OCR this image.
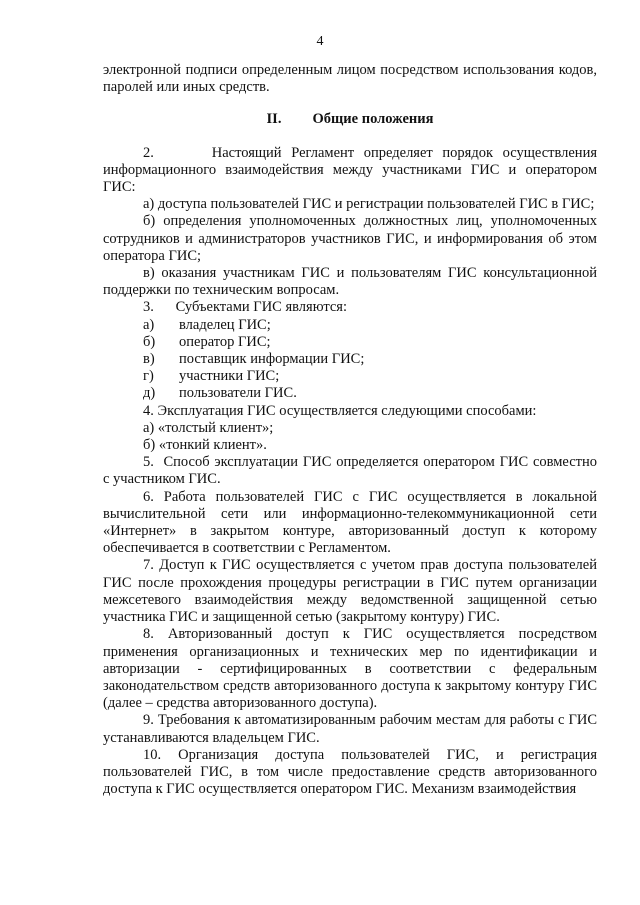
4

электронной подписи определенным лицом посредством использования кодов, паролей или иных средств.

II. Общие положения

2.      Настоящий Регламент определяет порядок осуществления информационного взаимодействия между участниками ГИС и оператором ГИС:

а) доступа пользователей ГИС и регистрации пользователей ГИС в ГИС;

б) определения уполномоченных должностных лиц, уполномоченных сотрудников и администраторов участников ГИС, и информирования об этом оператора ГИС;

в) оказания участникам ГИС и пользователям ГИС консультационной поддержки по техническим вопросам.

3.      Субъектами ГИС являются:

а) владелец ГИС;
б) оператор ГИС;
в) поставщик информации ГИС;
г) участники ГИС;
д) пользователи ГИС.

4. Эксплуатация ГИС осуществляется следующими способами:

а) «толстый клиент»;

б) «тонкий клиент».

5.  Способ эксплуатации ГИС определяется оператором ГИС совместно с участником ГИС.

6. Работа пользователей ГИС с ГИС осуществляется в локальной вычислительной сети или информационно-телекоммуникационной сети «Интернет» в закрытом контуре, авторизованный доступ к которому обеспечивается в соответствии с Регламентом.

7. Доступ к ГИС осуществляется с учетом прав доступа пользователей ГИС после прохождения процедуры регистрации в ГИС путем организации межсетевого взаимодействия между ведомственной защищенной сетью участника ГИС и защищенной сетью (закрытому контуру) ГИС.

8. Авторизованный доступ к ГИС осуществляется посредством применения организационных и технических мер по идентификации и авторизации - сертифицированных в соответствии с федеральным законодательством средств авторизованного доступа к закрытому контуру ГИС (далее – средства авторизованного доступа).

9. Требования к автоматизированным рабочим местам для работы с ГИС устанавливаются владельцем ГИС.

10. Организация доступа пользователей ГИС, и регистрация пользователей ГИС, в том числе предоставление средств авторизованного доступа к ГИС осуществляется оператором ГИС. Механизм взаимодействия
